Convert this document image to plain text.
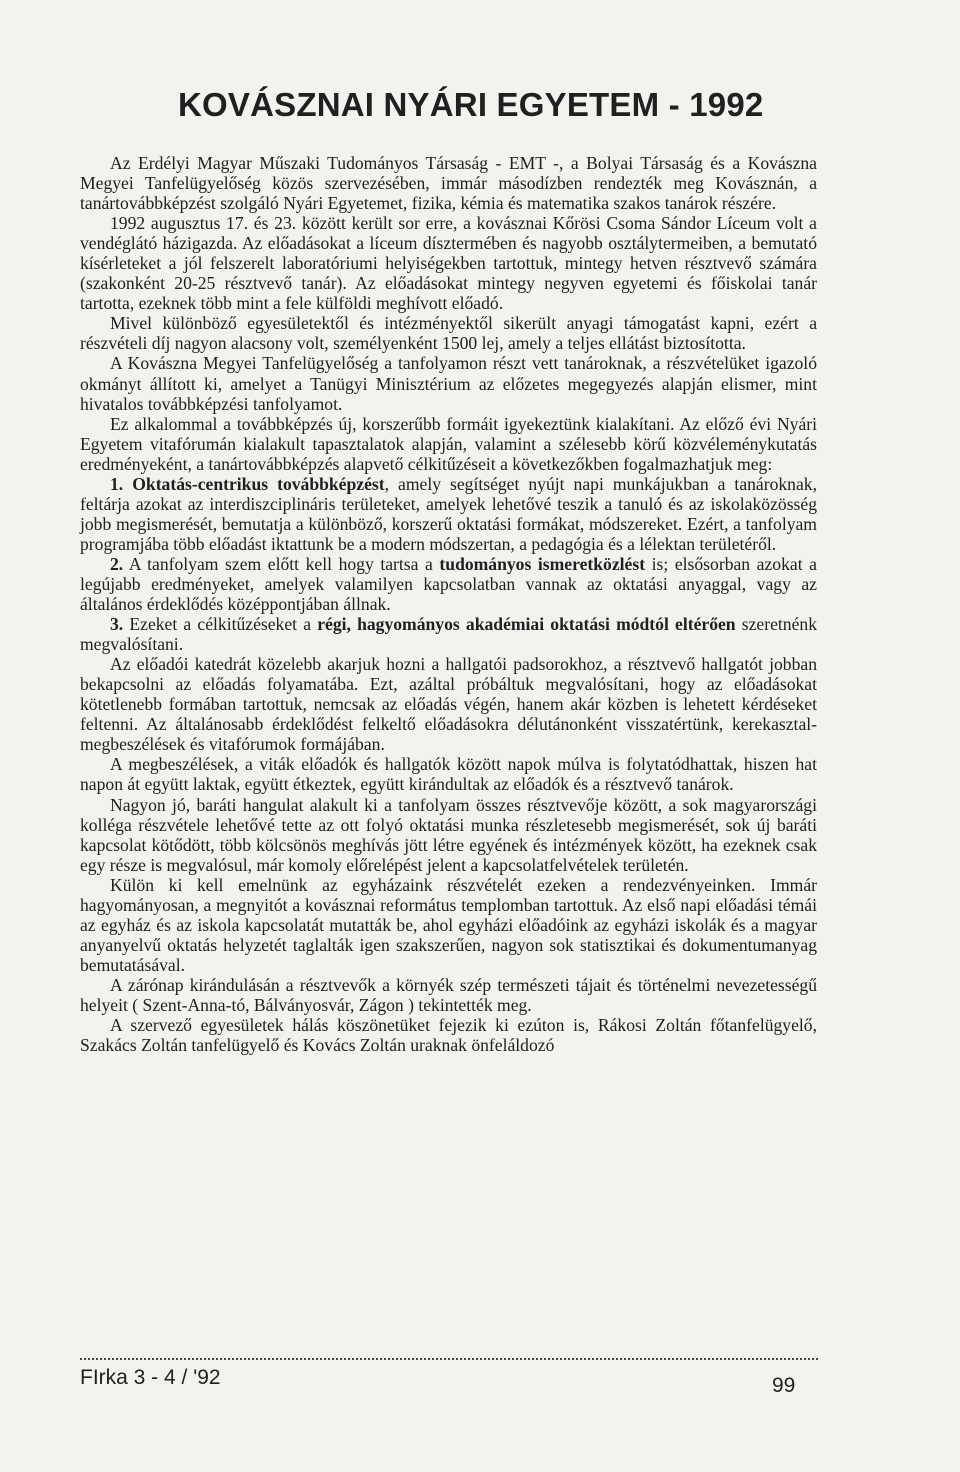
KOVÁSZNAI NYÁRI EGYETEM - 1992

Az Erdélyi Magyar Műszaki Tudományos Társaság - EMT -, a Bolyai Társaság és a Kovászna Megyei Tanfelügyelőség közös szervezésében, immár másodízben rendezték meg Kovásznán, a tanártovábbképzést szolgáló Nyári Egyetemet, fizika, kémia és matematika szakos tanárok részére.

1992 augusztus 17. és 23. között került sor erre, a kovásznai Kőrösi Csoma Sándor Líceum volt a vendéglátó házigazda. Az előadásokat a líceum dísztermében és nagyobb osztálytermeiben, a bemutató kísérleteket a jól felszerelt laboratóriumi helyiségekben tartottuk, mintegy hetven résztvevő számára (szakonként 20-25 résztvevő tanár). Az előadásokat mintegy negyven egyetemi és főiskolai tanár tartotta, ezeknek több mint a fele külföldi meghívott előadó.

Mivel különböző egyesületektől és intézményektől sikerült anyagi támogatást kapni, ezért a részvételi díj nagyon alacsony volt, személyenként 1500 lej, amely a teljes ellátást biztosította.

A Kovászna Megyei Tanfelügyelőség a tanfolyamon részt vett tanároknak, a részvételüket igazoló okmányt állított ki, amelyet a Tanügyi Minisztérium az előzetes megegyezés alapján elismer, mint hivatalos továbbképzési tanfolyamot.

Ez alkalommal a továbbképzés új, korszerűbb formáit igyekeztünk kialakítani. Az előző évi Nyári Egyetem vitafórumán kialakult tapasztalatok alapján, valamint a szélesebb körű közvéleménykutatás eredményeként, a tanártovábbképzés alapvető célkitűzéseit a következőkben fogalmazhatjuk meg:

1. Oktatás-centrikus továbbképzést, amely segítséget nyújt napi munkájukban a tanároknak, feltárja azokat az interdiszciplináris területeket, amelyek lehetővé teszik a tanuló és az iskolaközösség jobb megismerését, bemutatja a különböző, korszerű oktatási formákat, módszereket. Ezért, a tanfolyam programjába több előadást iktattunk be a modern módszertan, a pedagógia és a lélektan területéről.

2. A tanfolyam szem előtt kell hogy tartsa a tudományos ismeretközlést is; elsősorban azokat a legújabb eredményeket, amelyek valamilyen kapcsolatban vannak az oktatási anyaggal, vagy az általános érdeklődés középpontjában állnak.

3. Ezeket a célkitűzéseket a régi, hagyományos akadémiai oktatási módtól eltérően szeretnénk megvalósítani.

Az előadói katedrát közelebb akarjuk hozni a hallgatói padsorokhoz, a résztvevő hallgatót jobban bekapcsolni az előadás folyamatába. Ezt, azáltal próbáltuk megvalósítani, hogy az előadásokat kötetlenebb formában tartottuk, nemcsak az előadás végén, hanem akár közben is lehetett kérdéseket feltenni. Az általánosabb érdeklődést felkeltő előadásokra délutánonként visszatértünk, kerekasztal-megbeszélések és vitafórumok formájában.

A megbeszélések, a viták előadók és hallgatók között napok múlva is folytatódhattak, hiszen hat napon át együtt laktak, együtt étkeztek, együtt kirándultak az előadók és a résztvevő tanárok.

Nagyon jó, baráti hangulat alakult ki a tanfolyam összes résztvevője között, a sok magyarországi kolléga részvétele lehetővé tette az ott folyó oktatási munka részletesebb megismerését, sok új baráti kapcsolat kötődött, több kölcsönös meghívás jött létre egyének és intézmények között, ha ezeknek csak egy része is megvalósul, már komoly előrelépést jelent a kapcsolatfelvételek területén.

Külön ki kell emelnünk az egyházaink részvételét ezeken a rendezvényeinken. Immár hagyományosan, a megnyitót a kovásznai református templomban tartottuk. Az első napi előadási témái az egyház és az iskola kapcsolatát mutatták be, ahol egyházi előadóink az egyházi iskolák és a magyar anyanyelvű oktatás helyzetét taglalták igen szakszerűen, nagyon sok statisztikai és dokumentumanyag bemutatásával.

A zárónap kirándulásán a résztvevők a környék szép természeti tájait és történelmi nevezetességű helyeit ( Szent-Anna-tó, Bálványosvár, Zágon ) tekintették meg.

A szervező egyesületek hálás köszönetüket fejezik ki ezúton is, Rákosi Zoltán főtanfelügyelő, Szakács Zoltán tanfelügyelő és Kovács Zoltán uraknak önfeláldozó

FIrka 3 - 4 / '92	99
